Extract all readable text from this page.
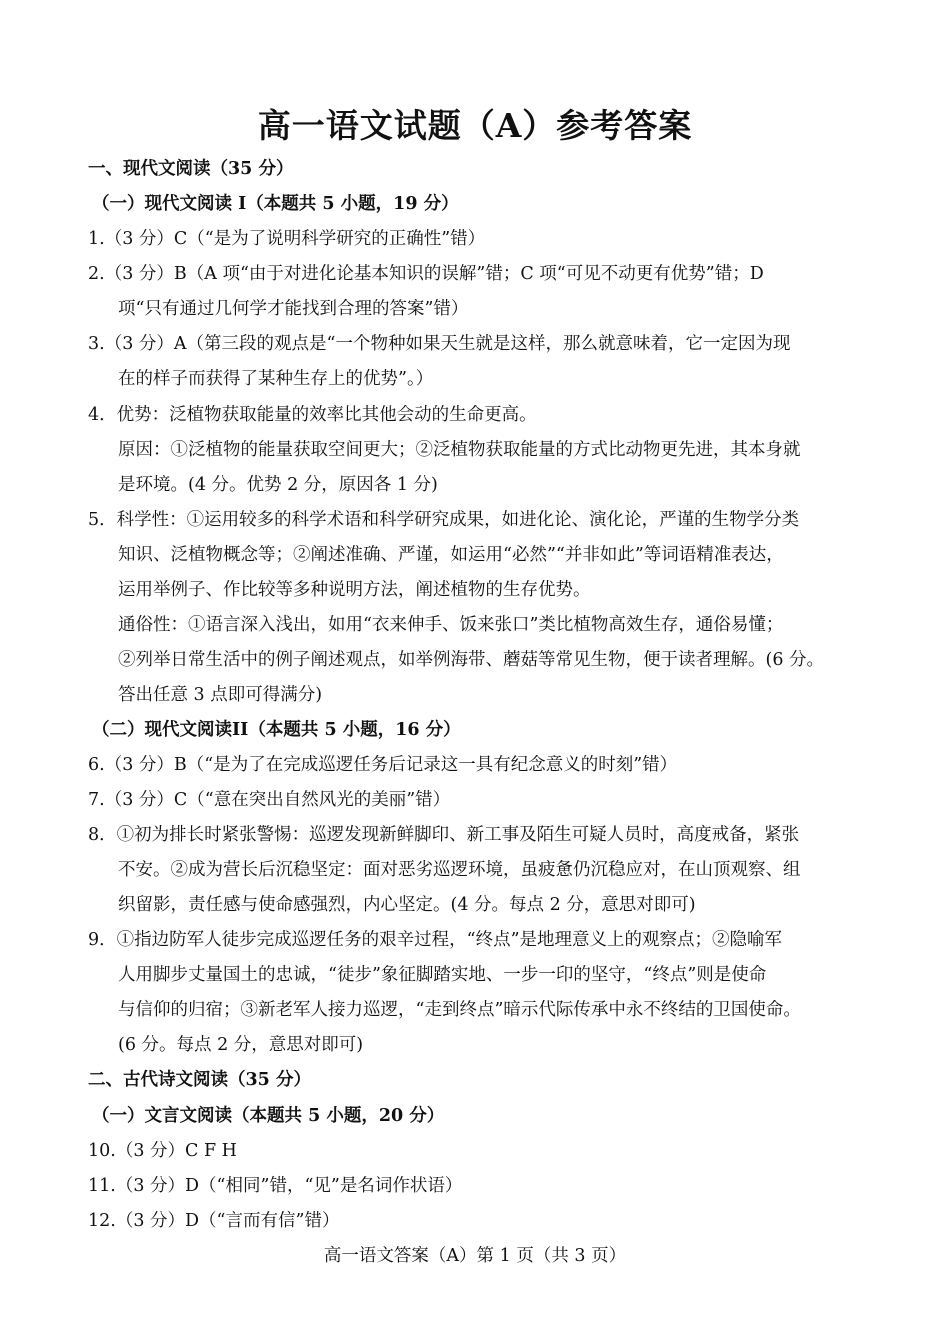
高一语文试题（A）参考答案
一、现代文阅读（35 分）
（一）现代文阅读 I（本题共 5 小题，19 分）
1.（3 分）C（“是为了说明科学研究的正确性”错）
2.（3 分）B（A 项“由于对进化论基本知识的误解”错；C 项“可见不动更有优势”错；D
项“只有通过几何学才能找到合理的答案”错）
3.（3 分）A（第三段的观点是“一个物种如果天生就是这样，那么就意味着，它一定因为现
在的样子而获得了某种生存上的优势”。）
4．优势：泛植物获取能量的效率比其他会动的生命更高。
原因：①泛植物的能量获取空间更大；②泛植物获取能量的方式比动物更先进，其本身就
是环境。(4 分。优势 2 分，原因各 1 分)
5．科学性：①运用较多的科学术语和科学研究成果，如进化论、演化论，严谨的生物学分类
知识、泛植物概念等；②阐述准确、严谨，如运用“必然”“并非如此”等词语精准表达，
运用举例子、作比较等多种说明方法，阐述植物的生存优势。
通俗性：①语言深入浅出，如用“衣来伸手、饭来张口”类比植物高效生存，通俗易懂；
②列举日常生活中的例子阐述观点，如举例海带、蘑菇等常见生物，便于读者理解。(6 分。
答出任意 3 点即可得满分)
（二）现代文阅读II（本题共 5 小题，16 分）
6.（3 分）B（“是为了在完成巡逻任务后记录这一具有纪念意义的时刻”错）
7.（3 分）C（“意在突出自然风光的美丽”错）
8．①初为排长时紧张警惕：巡逻发现新鲜脚印、新工事及陌生可疑人员时，高度戒备，紧张
不安。②成为营长后沉稳坚定：面对恶劣巡逻环境，虽疲惫仍沉稳应对，在山顶观察、组
织留影，责任感与使命感强烈，内心坚定。(4 分。每点 2 分，意思对即可)
9．①指边防军人徒步完成巡逻任务的艰辛过程，“终点”是地理意义上的观察点；②隐喻军
人用脚步丈量国土的忠诚，“徒步”象征脚踏实地、一步一印的坚守，“终点”则是使命
与信仰的归宿；③新老军人接力巡逻，“走到终点”暗示代际传承中永不终结的卫国使命。
(6 分。每点 2 分，意思对即可)
二、古代诗文阅读（35 分）
（一）文言文阅读（本题共 5 小题，20 分）
10.（3 分）C F H
11.（3 分）D（“相同”错，“见”是名词作状语）
12.（3 分）D（“言而有信”错）
高一语文答案（A）第 1 页（共 3 页）
